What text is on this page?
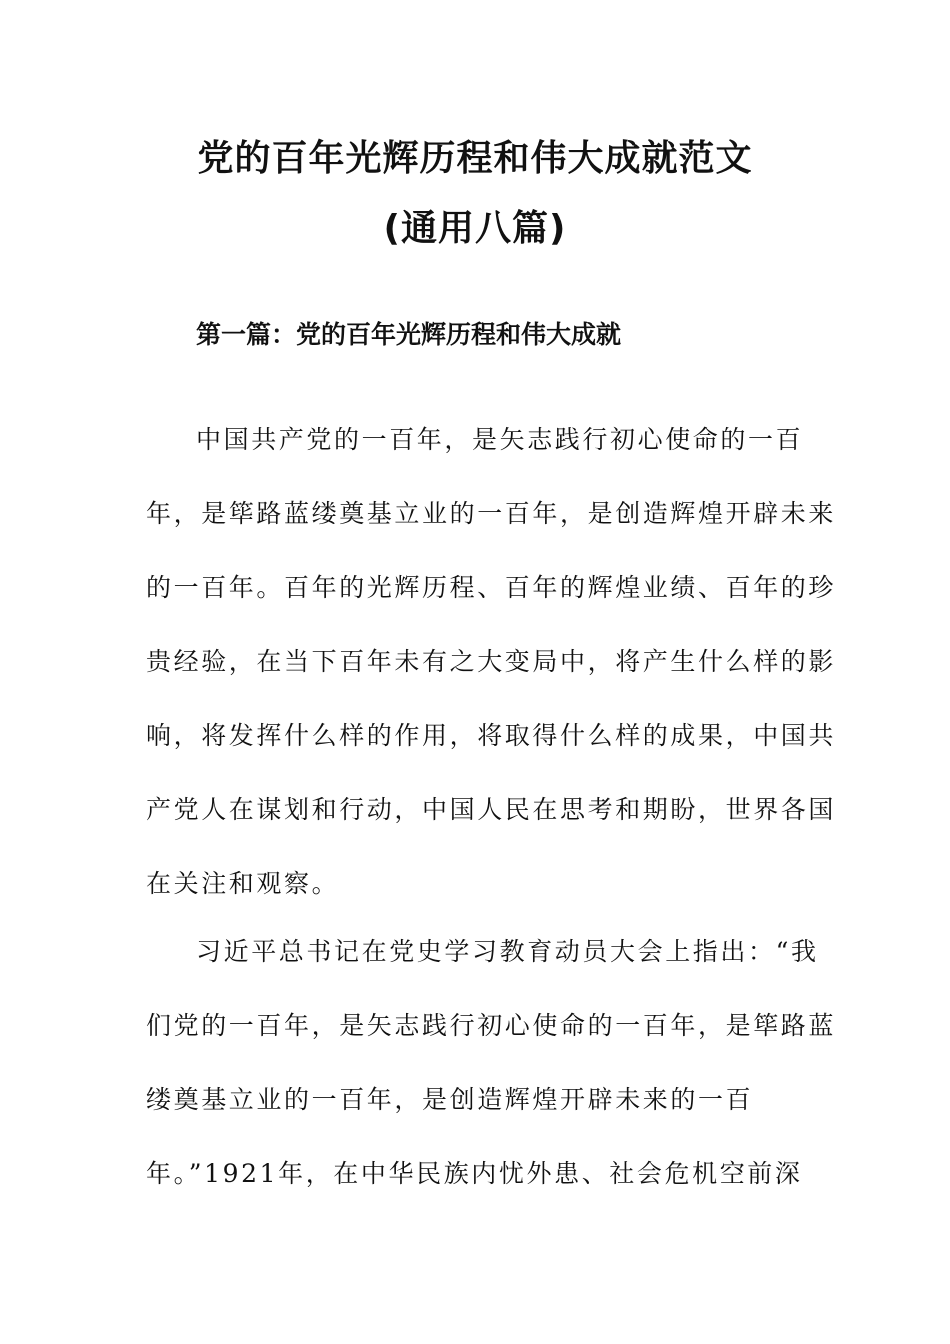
党的百年光辉历程和伟大成就范文
(通用八篇)
第一篇：党的百年光辉历程和伟大成就
中国共产党的一百年，是矢志践行初心使命的一百
年，是筚路蓝缕奠基立业的一百年，是创造辉煌开辟未来
的一百年。百年的光辉历程、百年的辉煌业绩、百年的珍
贵经验，在当下百年未有之大变局中，将产生什么样的影
响，将发挥什么样的作用，将取得什么样的成果，中国共
产党人在谋划和行动，中国人民在思考和期盼，世界各国
在关注和观察。
习近平总书记在党史学习教育动员大会上指出：“我
们党的一百年，是矢志践行初心使命的一百年，是筚路蓝
缕奠基立业的一百年，是创造辉煌开辟未来的一百
年。”1921年，在中华民族内忧外患、社会危机空前深
